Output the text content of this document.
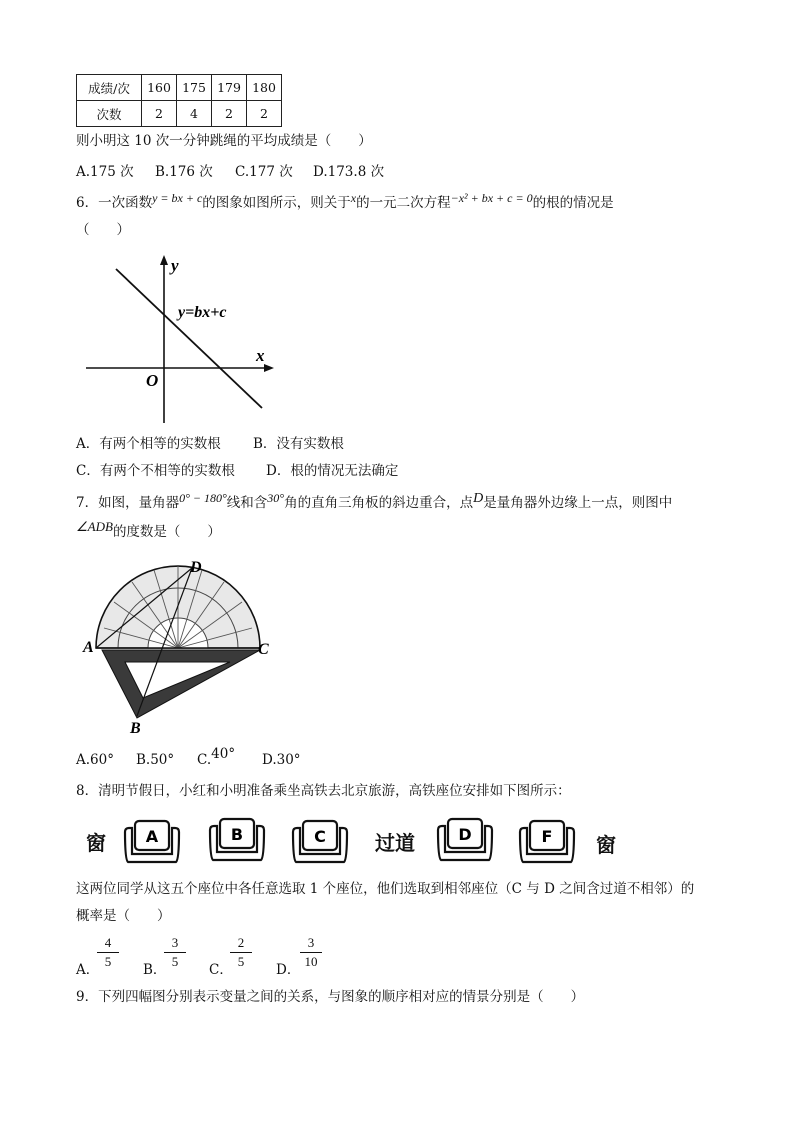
成绩/次	160	175	179	180
次数	2	4	2	2
则小明这 10 次一分钟跳绳的平均成绩是（　　）
A.175 次 B.176 次 C.177 次 D.173.8 次
6．一次函数y = bx + c的图象如图所示，则关于x的一元二次方程−x² + bx + c = 0的根的情况是
（　　）
y
x
O
y=bx+c
A．有两个相等的实数根 B．没有实数根
C．有两个不相等的实数根 D．根的情况无法确定
7．如图，量角器0° − 180°线和含30°角的直角三角板的斜边重合，点D是量角器外边缘上一点，则图中
∠ADB的度数是（　　）
A	C
D
B
A.60° B.50° C.40° D.30°
8．清明节假日，小红和小明准备乘坐高铁去北京旅游，高铁座位安排如下图所示：
窗	过道	窗
A	B	C	D	F
这两位同学从这五个座位中各任意选取 1 个座位，他们选取到相邻座位（C 与 D 之间含过道不相邻）的
概率是（　　）
A．
4
5
B．
3
5
C．
2
5
D．
3
10
9．下列四幅图分别表示变量之间的关系，与图象的顺序相对应的情景分别是（　　）
